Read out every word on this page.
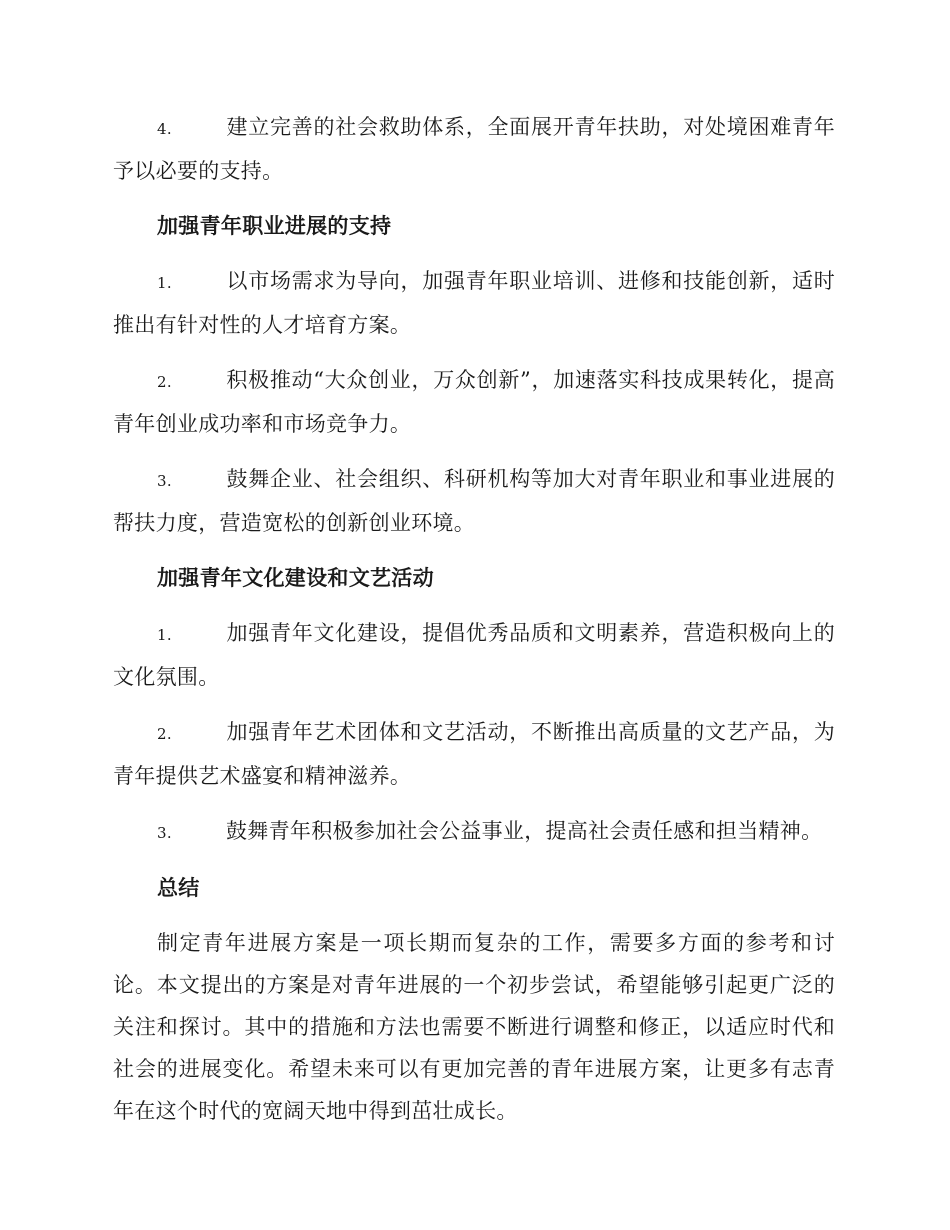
4.	建立完善的社会救助体系，全面展开青年扶助，对处境困难青年予以必要的支持。

加强青年职业进展的支持

1.	以市场需求为导向，加强青年职业培训、进修和技能创新，适时推出有针对性的人才培育方案。

2.	积极推动“大众创业，万众创新”，加速落实科技成果转化，提高青年创业成功率和市场竞争力。

3.	鼓舞企业、社会组织、科研机构等加大对青年职业和事业进展的帮扶力度，营造宽松的创新创业环境。

加强青年文化建设和文艺活动

1.	加强青年文化建设，提倡优秀品质和文明素养，营造积极向上的文化氛围。

2.	加强青年艺术团体和文艺活动，不断推出高质量的文艺产品，为青年提供艺术盛宴和精神滋养。

3.	鼓舞青年积极参加社会公益事业，提高社会责任感和担当精神。

总结

制定青年进展方案是一项长期而复杂的工作，需要多方面的参考和讨论。本文提出的方案是对青年进展的一个初步尝试，希望能够引起更广泛的关注和探讨。其中的措施和方法也需要不断进行调整和修正，以适应时代和社会的进展变化。希望未来可以有更加完善的青年进展方案，让更多有志青年在这个时代的宽阔天地中得到茁壮成长。
